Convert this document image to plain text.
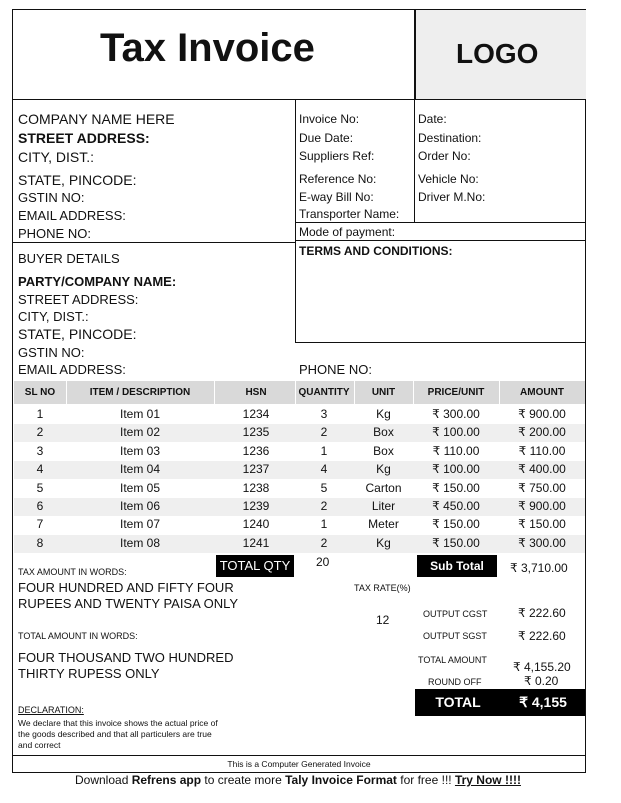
Tax Invoice	LOGO
COMPANY NAME HERE
STREET ADDRESS:
CITY, DIST.:
STATE, PINCODE:
GSTIN NO:
EMAIL ADDRESS:
PHONE NO:
Invoice No:
Due Date:
Suppliers Ref:
Reference No:
E-way Bill No:
Transporter Name:
Date:
Destination:
Order No:
Vehicle No:
Driver M.No:
Mode of payment:
TERMS AND CONDITIONS:
BUYER DETAILS
PARTY/COMPANY NAME:
STREET ADDRESS:
CITY, DIST.:
STATE, PINCODE:
GSTIN NO:
EMAIL ADDRESS:	PHONE NO:
SL NO	ITEM / DESCRIPTION	HSN	QUANTITY	UNIT	PRICE/UNIT	AMOUNT
1	Item 01	1234	3	Kg	₹ 300.00	₹ 900.00
2	Item 02	1235	2	Box	₹ 100.00	₹ 200.00
3	Item 03	1236	1	Box	₹ 110.00	₹ 110.00
4	Item 04	1237	4	Kg	₹ 100.00	₹ 400.00
5	Item 05	1238	5	Carton	₹ 150.00	₹ 750.00
6	Item 06	1239	2	Liter	₹ 450.00	₹ 900.00
7	Item 07	1240	1	Meter	₹ 150.00	₹ 150.00
8	Item 08	1241	2	Kg	₹ 150.00	₹ 300.00
TAX AMOUNT IN WORDS:
FOUR HUNDRED AND FIFTY FOUR RUPEES AND TWENTY PAISA ONLY
TOTAL QTY	20	Sub Total	₹ 3,710.00
TAX RATE(%)
12	OUTPUT CGST	₹ 222.60
OUTPUT SGST	₹ 222.60
TOTAL AMOUNT IN WORDS:
FOUR THOUSAND TWO HUNDRED THIRTY RUPESS ONLY
TOTAL AMOUNT ₹ 4,155.20
ROUND OFF	₹ 0.20
TOTAL	₹ 4,155
DECLARATION:
We declare that this invoice shows the actual price of the goods described and that all particulers are true and correct
This is a Computer Generated Invoice
Download Refrens app to create more Taly Invoice Format for free !!! Try Now !!!!
